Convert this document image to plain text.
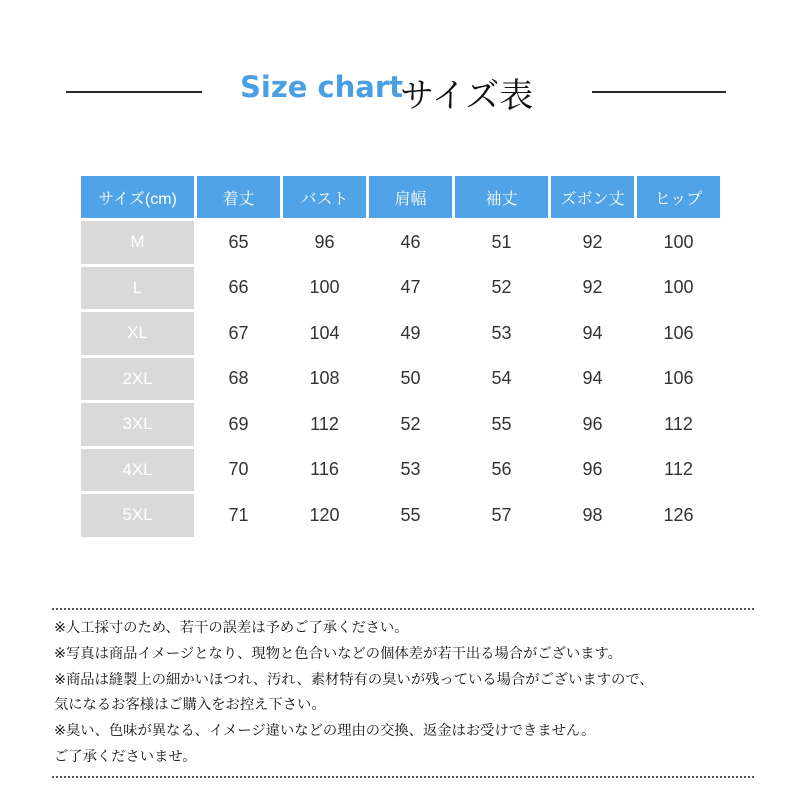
Size chart
サイズ表
サイズ(cm)	着丈	バスト	肩幅	袖丈	ズボン丈	ヒップ
M	65	96	46	51	92	100
L	66	100	47	52	92	100
XL	67	104	49	53	94	106
2XL	68	108	50	54	94	106
3XL	69	112	52	55	96	112
4XL	70	116	53	56	96	112
5XL	71	120	55	57	98	126
※人工採寸のため、若干の誤差は予めご了承ください。
※写真は商品イメージとなり、現物と色合いなどの個体差が若干出る場合がございます。
※商品は縫製上の細かいほつれ、汚れ、素材特有の臭いが残っている場合がございますので、
気になるお客様はご購入をお控え下さい。
※臭い、色味が異なる、イメージ違いなどの理由の交換、返金はお受けできません。
ご了承くださいませ。
